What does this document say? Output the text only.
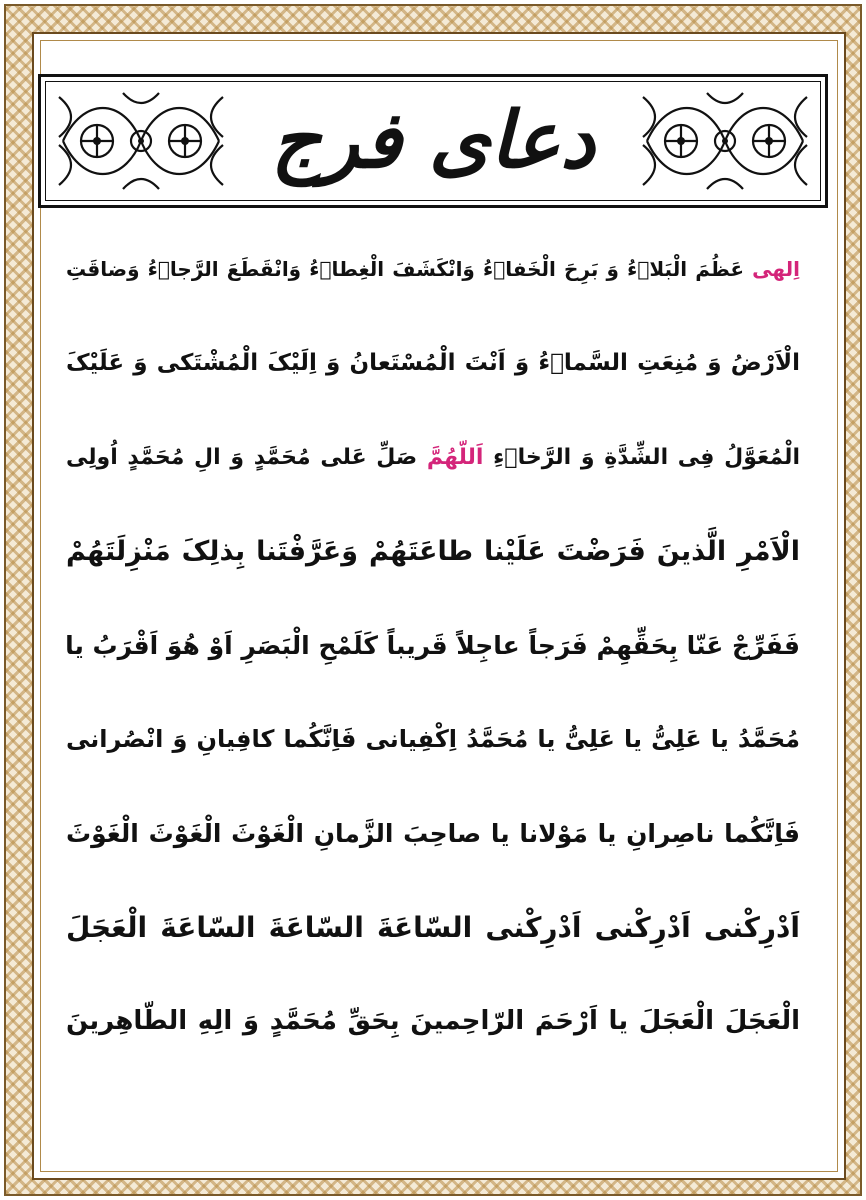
دعای فرج
اِلهی عَظُمَ الْبَلاۤءُ وَ بَرِحَ الْخَفاۤءُ وَانْکَشَفَ الْغِطاۤءُ وَانْقَطَعَ الرَّجاۤءُ وَضاقَتِ
الْاَرْضُ وَ مُنِعَتِ السَّماۤءُ وَ اَنْتَ الْمُسْتَعانُ وَ اِلَیْکَ الْمُشْتَکی وَ عَلَیْکَ
الْمُعَوَّلُ فِی الشِّدَّةِ وَ الرَّخاۤءِ اَللّهُمَّ صَلِّ عَلی مُحَمَّدٍ وَ الِ مُحَمَّدٍ اُولِی
الْاَمْرِ الَّذینَ فَرَضْتَ عَلَیْنا طاعَتَهُمْ وَعَرَّفْتَنا بِذلِکَ مَنْزِلَتَهُمْ
فَفَرِّجْ عَنّا بِحَقِّهِمْ فَرَجاً عاجِلاً قَریباً کَلَمْحِ الْبَصَرِ اَوْ هُوَ اَقْرَبُ یا
مُحَمَّدُ یا عَلِیُّ یا عَلِیُّ یا مُحَمَّدُ اِکْفِیانی فَاِنَّکُما کافِیانِ وَ انْصُرانی
فَاِنَّکُما ناصِرانِ یا مَوْلانا یا صاحِبَ الزَّمانِ الْغَوْثَ الْغَوْثَ الْغَوْثَ
اَدْرِکْنی اَدْرِکْنی اَدْرِکْنی السّاعَةَ السّاعَةَ السّاعَةَ الْعَجَلَ
الْعَجَلَ الْعَجَلَ یا اَرْحَمَ الرّاحِمینَ بِحَقِّ مُحَمَّدٍ وَ الِهِ الطّاهِرینَ
